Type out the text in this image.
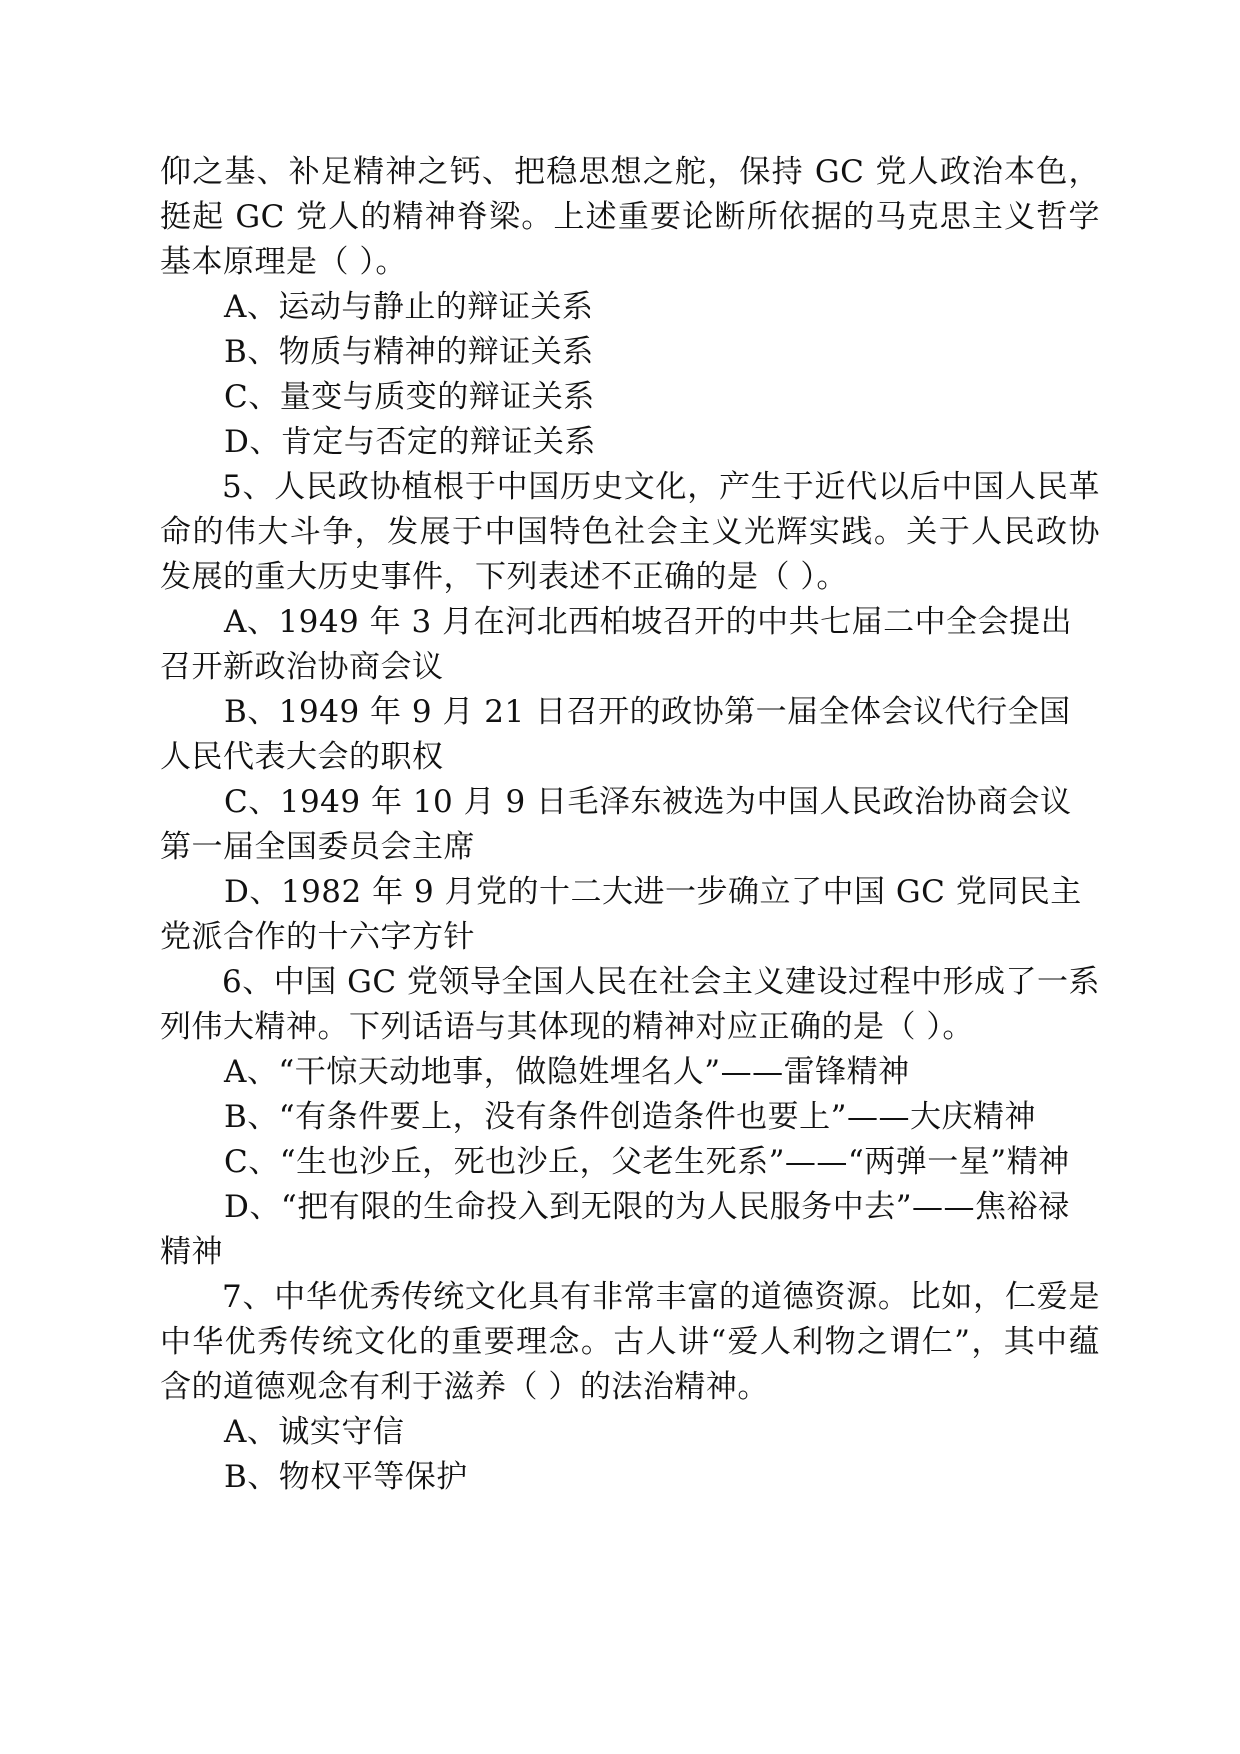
仰之基、补足精神之钙、把稳思想之舵，保持 GC 党人政治本色，挺起 GC 党人的精神脊梁。上述重要论断所依据的马克思主义哲学基本原理是（ ）。

A、运动与静止的辩证关系

B、物质与精神的辩证关系

C、量变与质变的辩证关系

D、肯定与否定的辩证关系

5、人民政协植根于中国历史文化，产生于近代以后中国人民革命的伟大斗争，发展于中国特色社会主义光辉实践。关于人民政协发展的重大历史事件，下列表述不正确的是（ ）。

A、1949 年 3 月在河北西柏坡召开的中共七届二中全会提出召开新政治协商会议

B、1949 年 9 月 21 日召开的政协第一届全体会议代行全国人民代表大会的职权

C、1949 年 10 月 9 日毛泽东被选为中国人民政治协商会议第一届全国委员会主席

D、1982 年 9 月党的十二大进一步确立了中国 GC 党同民主党派合作的十六字方针

6、中国 GC 党领导全国人民在社会主义建设过程中形成了一系列伟大精神。下列话语与其体现的精神对应正确的是（ ）。

A、“干惊天动地事，做隐姓埋名人”——雷锋精神

B、“有条件要上，没有条件创造条件也要上”——大庆精神

C、“生也沙丘，死也沙丘，父老生死系”——“两弹一星”精神

D、“把有限的生命投入到无限的为人民服务中去”——焦裕禄精神

7、中华优秀传统文化具有非常丰富的道德资源。比如，仁爱是中华优秀传统文化的重要理念。古人讲“爱人利物之谓仁”，其中蕴含的道德观念有利于滋养（ ）的法治精神。

A、诚实守信

B、物权平等保护
